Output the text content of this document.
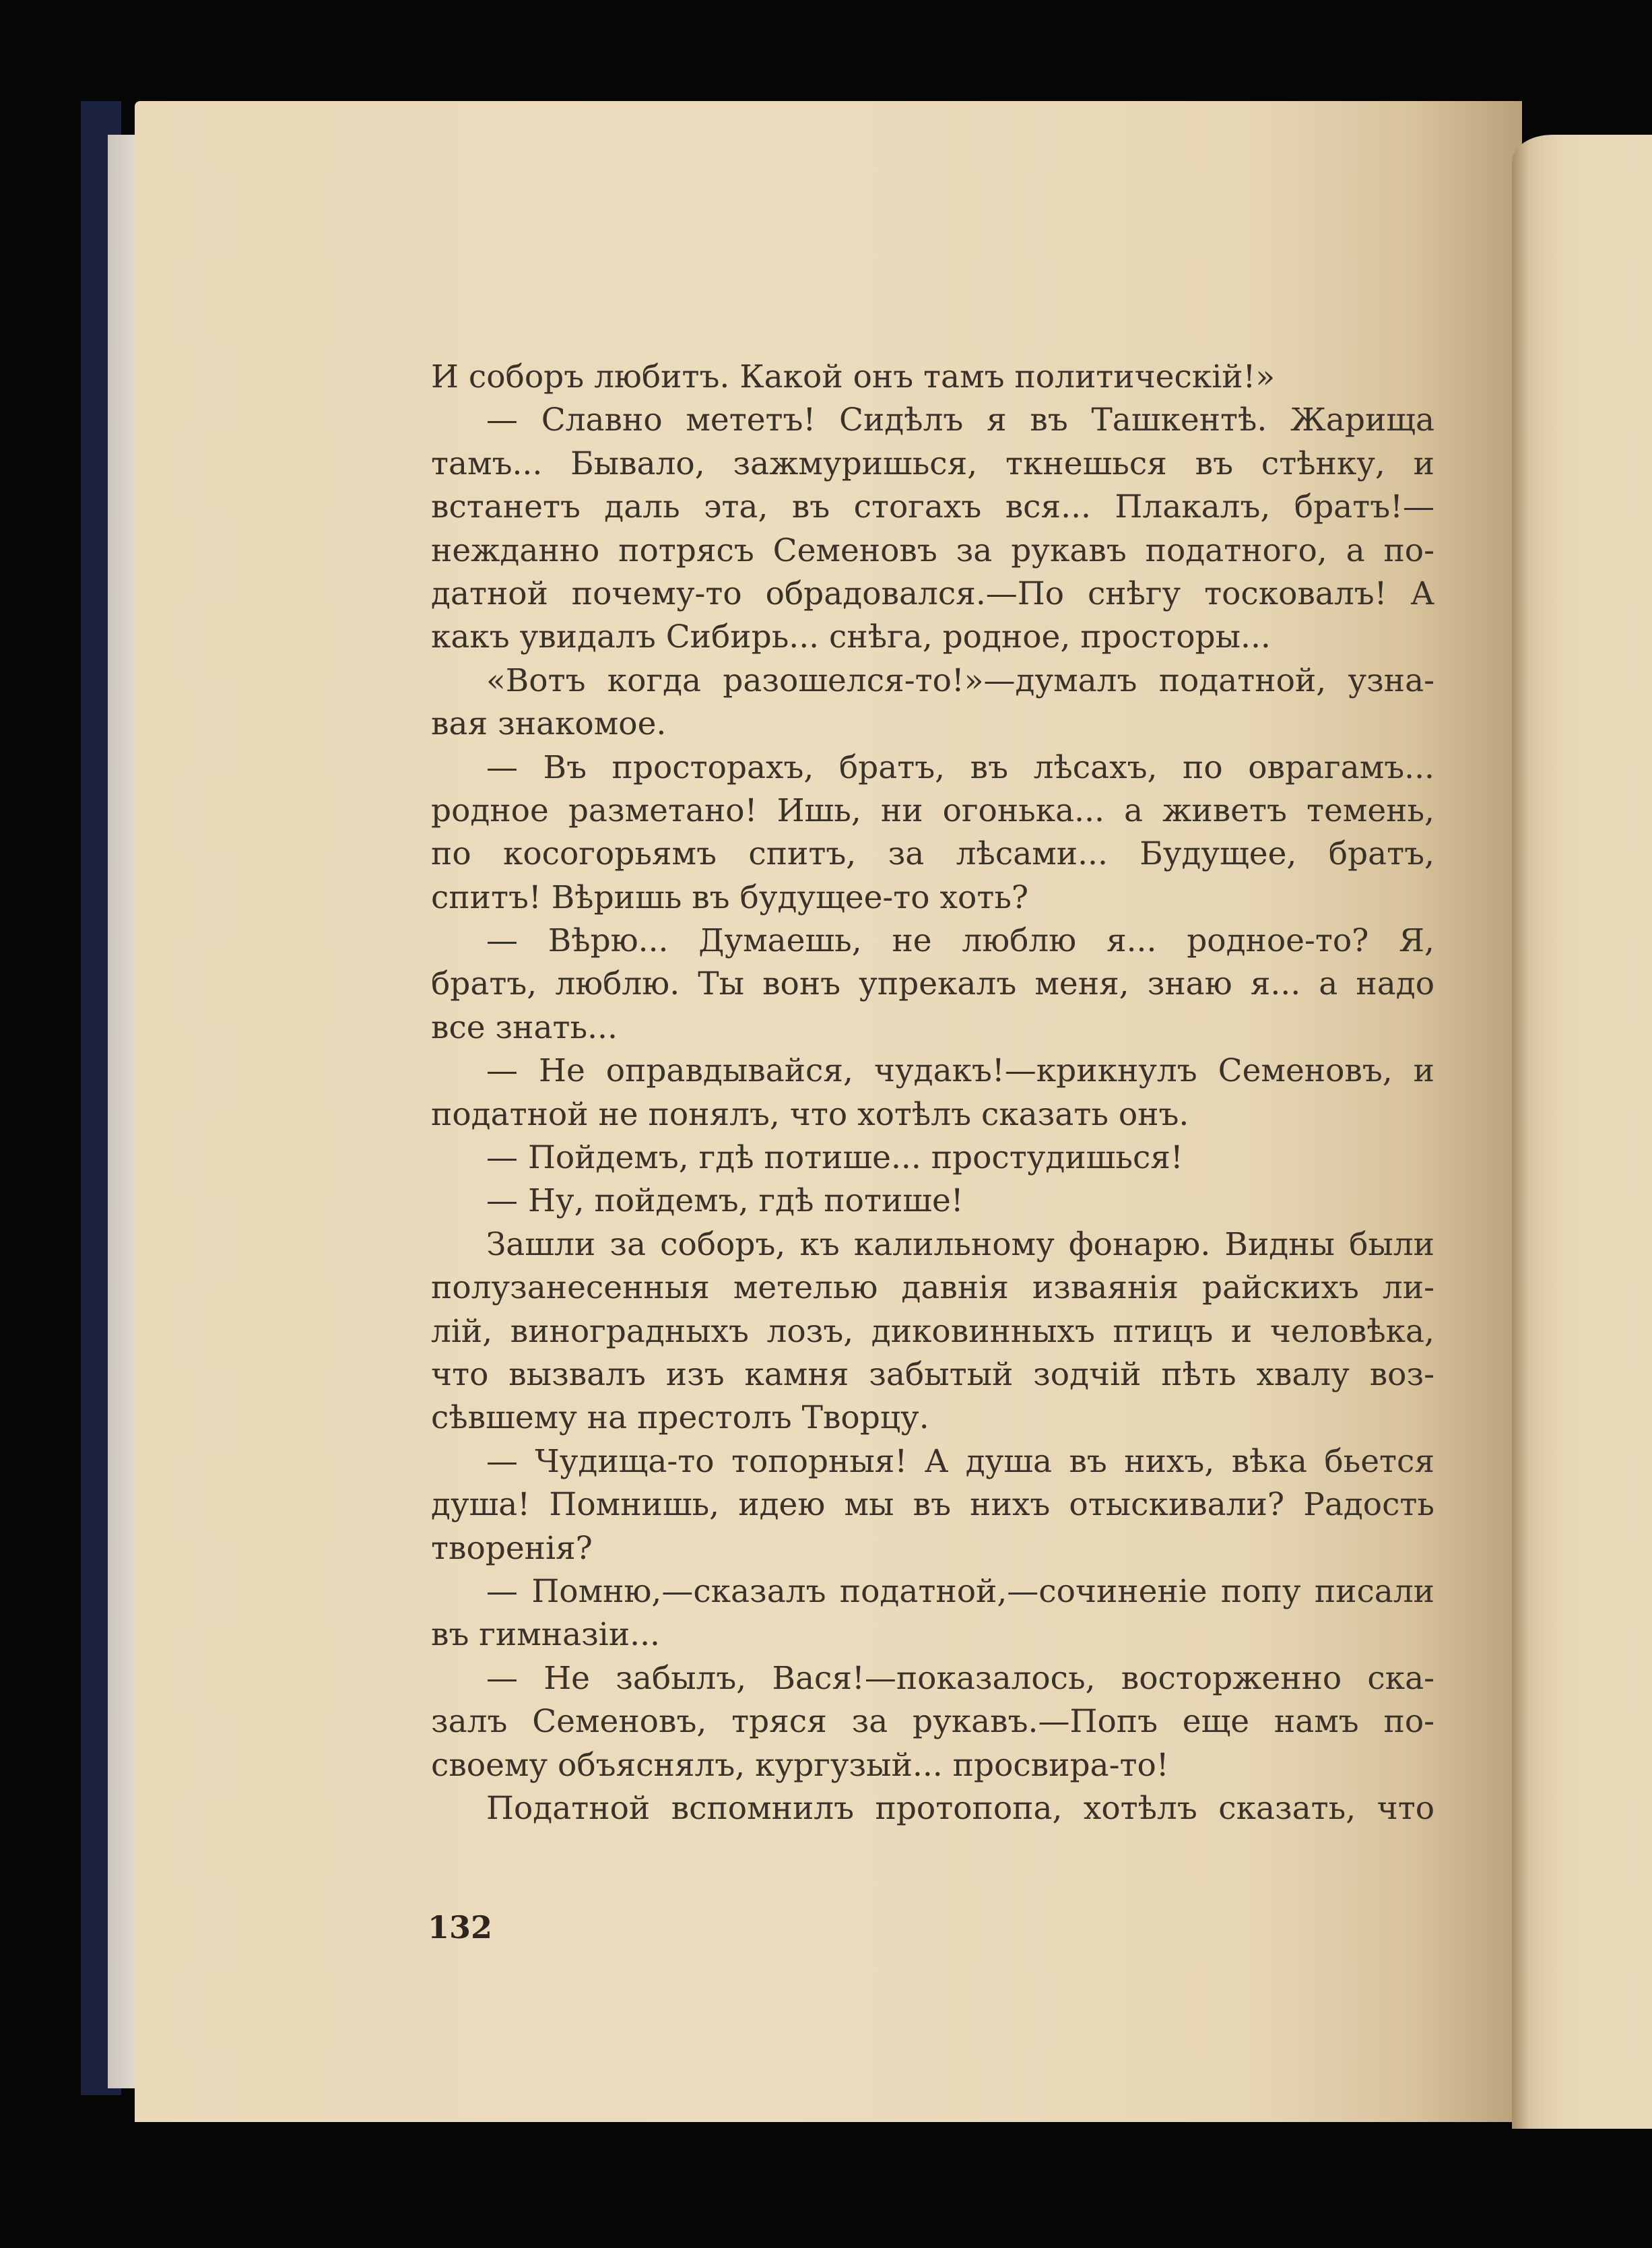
И соборъ любитъ. Какой онъ тамъ политическій!»
— Славно мететъ! Сидѣлъ я въ Ташкентѣ. Жарища
тамъ... Бывало, зажмуришься, ткнешься въ стѣнку, и
встанетъ даль эта, въ стогахъ вся... Плакалъ, братъ!—
нежданно потрясъ Семеновъ за рукавъ податного, а по-
датной почему-то обрадовался.—По снѣгу тосковалъ! А
какъ увидалъ Сибирь... снѣга, родное, просторы...
«Вотъ когда разошелся-то!»—думалъ податной, узна-
вая знакомое.
— Въ просторахъ, братъ, въ лѣсахъ, по оврагамъ...
родное разметано! Ишь, ни огонька... а живетъ темень,
по косогорьямъ спитъ, за лѣсами... Будущее, братъ,
спитъ! Вѣришь въ будущее-то хоть?
— Вѣрю... Думаешь, не люблю я... родное-то? Я,
братъ, люблю. Ты вонъ упрекалъ меня, знаю я... а надо
все знать...
— Не оправдывайся, чудакъ!—крикнулъ Семеновъ, и
податной не понялъ, что хотѣлъ сказать онъ.
— Пойдемъ, гдѣ потише... простудишься!
— Ну, пойдемъ, гдѣ потише!
Зашли за соборъ, къ калильному фонарю. Видны были
полузанесенныя метелью давнія изваянія райскихъ ли-
лій, виноградныхъ лозъ, диковинныхъ птицъ и человѣка,
что вызвалъ изъ камня забытый зодчій пѣть хвалу воз-
сѣвшему на престолъ Творцу.
— Чудища-то топорныя! А душа въ нихъ, вѣка бьется
душа! Помнишь, идею мы въ нихъ отыскивали? Радость
творенія?
— Помню,—сказалъ податной,—сочиненіе попу писали
въ гимназіи...
— Не забылъ, Вася!—показалось, восторженно ска-
залъ Семеновъ, тряся за рукавъ.—Попъ еще намъ по-
своему объяснялъ, кургузый... просвира-то!
Податной вспомнилъ протопопа, хотѣлъ сказать, что
132
